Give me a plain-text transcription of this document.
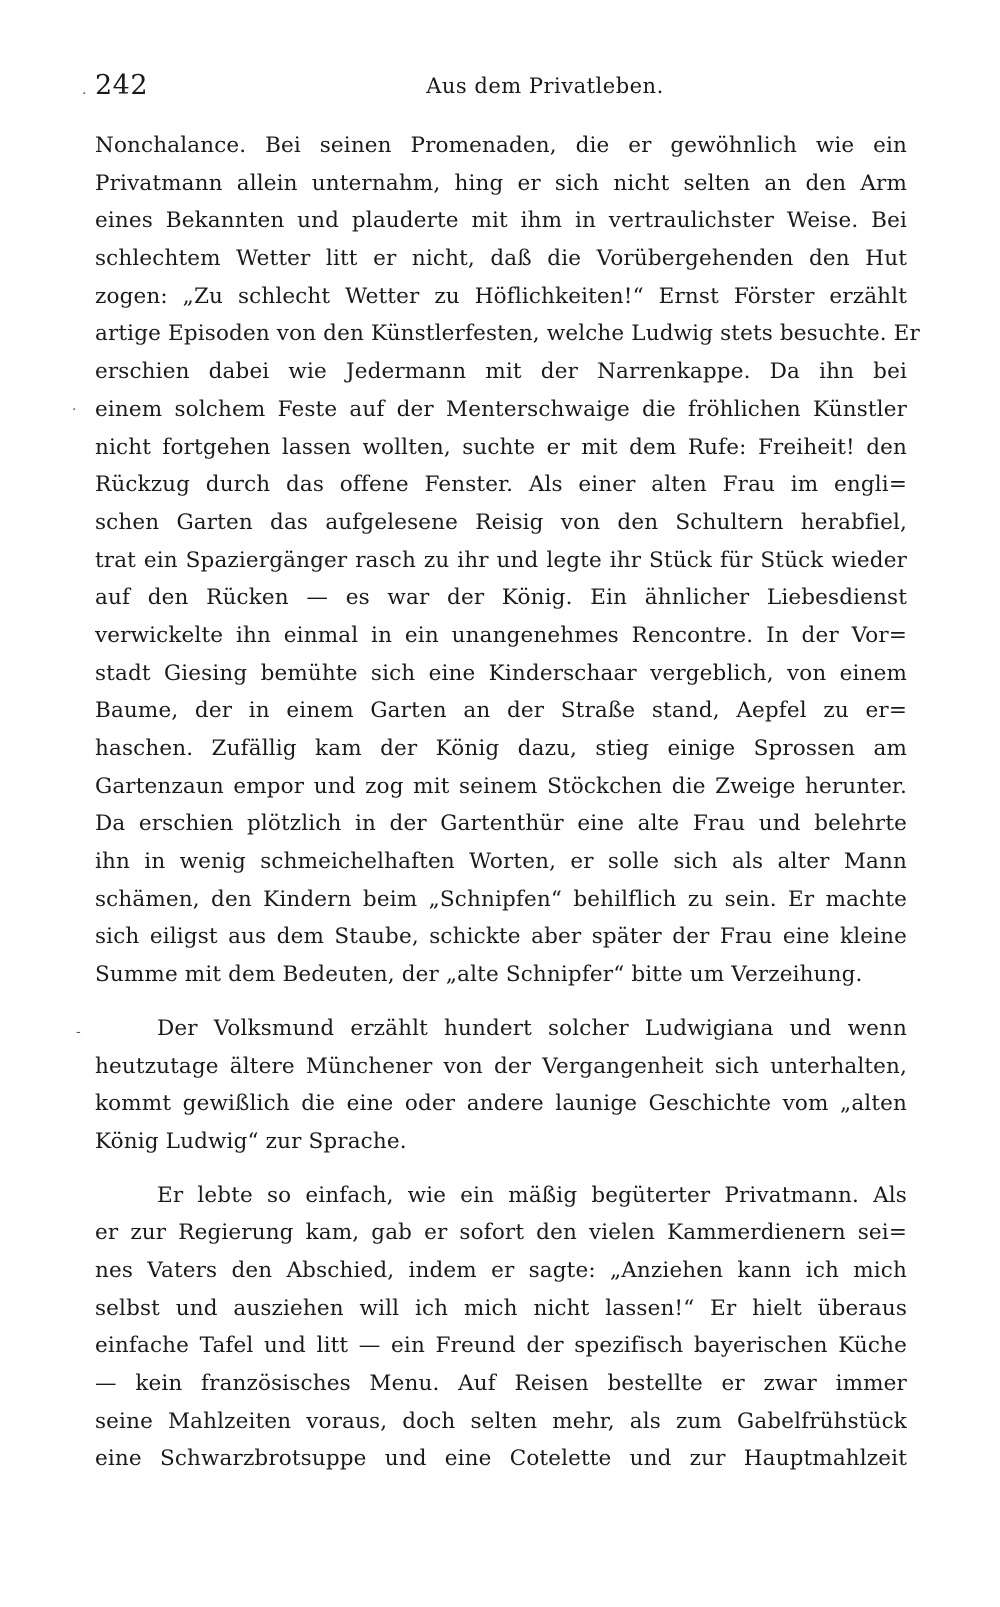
242	Aus dem Privatleben.
Nonchalance. Bei seinen Promenaden, die er gewöhnlich wie ein
Privatmann allein unternahm, hing er sich nicht selten an den Arm
eines Bekannten und plauderte mit ihm in vertraulichster Weise. Bei
schlechtem Wetter litt er nicht, daß die Vorübergehenden den Hut
zogen: „Zu schlecht Wetter zu Höflichkeiten!“ Ernst Förster erzählt
artige Episoden von den Künstlerfesten, welche Ludwig stets besuchte. Er
erschien dabei wie Jedermann mit der Narrenkappe. Da ihn bei
einem solchem Feste auf der Menterschwaige die fröhlichen Künstler
nicht fortgehen lassen wollten, suchte er mit dem Rufe: Freiheit! den
Rückzug durch das offene Fenster. Als einer alten Frau im engli=
schen Garten das aufgelesene Reisig von den Schultern herabfiel,
trat ein Spaziergänger rasch zu ihr und legte ihr Stück für Stück wieder
auf den Rücken — es war der König. Ein ähnlicher Liebesdienst
verwickelte ihn einmal in ein unangenehmes Rencontre. In der Vor=
stadt Giesing bemühte sich eine Kinderschaar vergeblich, von einem
Baume, der in einem Garten an der Straße stand, Aepfel zu er=
haschen. Zufällig kam der König dazu, stieg einige Sprossen am
Gartenzaun empor und zog mit seinem Stöckchen die Zweige herunter.
Da erschien plötzlich in der Gartenthür eine alte Frau und belehrte
ihn in wenig schmeichelhaften Worten, er solle sich als alter Mann
schämen, den Kindern beim „Schnipfen“ behilflich zu sein. Er machte
sich eiligst aus dem Staube, schickte aber später der Frau eine kleine
Summe mit dem Bedeuten, der „alte Schnipfer“ bitte um Verzeihung.
Der Volksmund erzählt hundert solcher Ludwigiana und wenn
heutzutage ältere Münchener von der Vergangenheit sich unterhalten,
kommt gewißlich die eine oder andere launige Geschichte vom „alten
König Ludwig“ zur Sprache.
Er lebte so einfach, wie ein mäßig begüterter Privatmann. Als
er zur Regierung kam, gab er sofort den vielen Kammerdienern sei=
nes Vaters den Abschied, indem er sagte: „Anziehen kann ich mich
selbst und ausziehen will ich mich nicht lassen!“ Er hielt überaus
einfache Tafel und litt — ein Freund der spezifisch bayerischen Küche
— kein französisches Menu. Auf Reisen bestellte er zwar immer
seine Mahlzeiten voraus, doch selten mehr, als zum Gabelfrühstück
eine Schwarzbrotsuppe und eine Cotelette und zur Hauptmahlzeit
.
·
-
